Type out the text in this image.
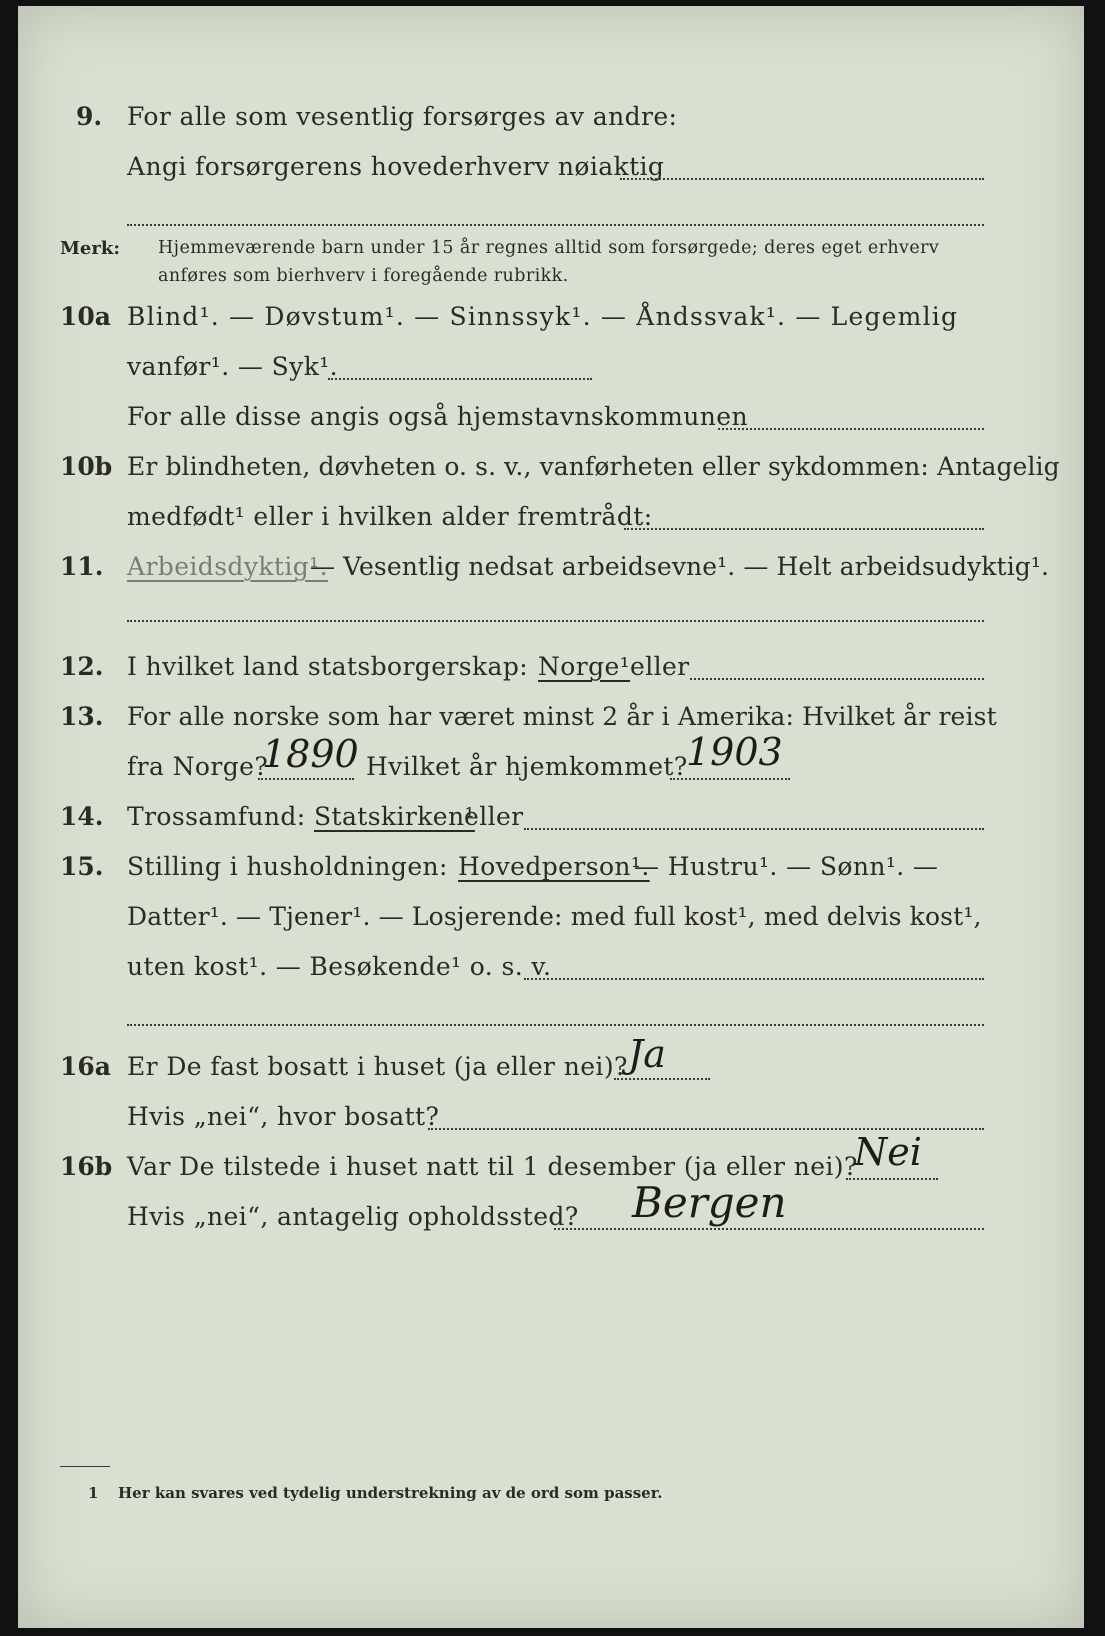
9. For alle som vesentlig forsørges av andre:
Angi forsørgerens hovederhverv nøiaktig
Merk: Hjemmeværende barn under 15 år regnes alltid som forsørgede; deres eget erhverv anføres som bierhverv i foregående rubrikk.
10a Blind¹. — Døvstum¹. — Sinnssyk¹. — Åndssvak¹. — Legemlig
vanfør¹. — Syk¹.
For alle disse angis også hjemstavnskommunen
10b Er blindheten, døvheten o. s. v., vanførheten eller sykdommen: Antagelig
medfødt¹ eller i hvilken alder fremtrådt:
11. Arbeidsdyktig¹.
— Vesentlig nedsat arbeidsevne¹. — Helt arbeidsudyktig¹.
12. I hvilket land statsborgerskap: Norge¹ eller
13. For alle norske som har været minst 2 år i Amerika: Hvilket år reist
fra Norge?
1890 Hvilket år hjemkommet?
1903
14. Trossamfund: Statskirken¹
eller
15. Stilling i husholdningen: Hovedperson¹.
— Hustru¹. — Sønn¹. —
Datter¹. — Tjener¹. — Losjerende: med full kost¹, med delvis kost¹,
uten kost¹. — Besøkende¹ o. s. v.
16a Er De fast bosatt i huset (ja eller nei)? Ja
Hvis „nei“, hvor bosatt?
16b Var De tilstede i huset natt til 1 desember (ja eller nei)?
Nei
Hvis „nei“, antagelig opholdssted? Bergen
1 Her kan svares ved tydelig understrekning av de ord som passer.
